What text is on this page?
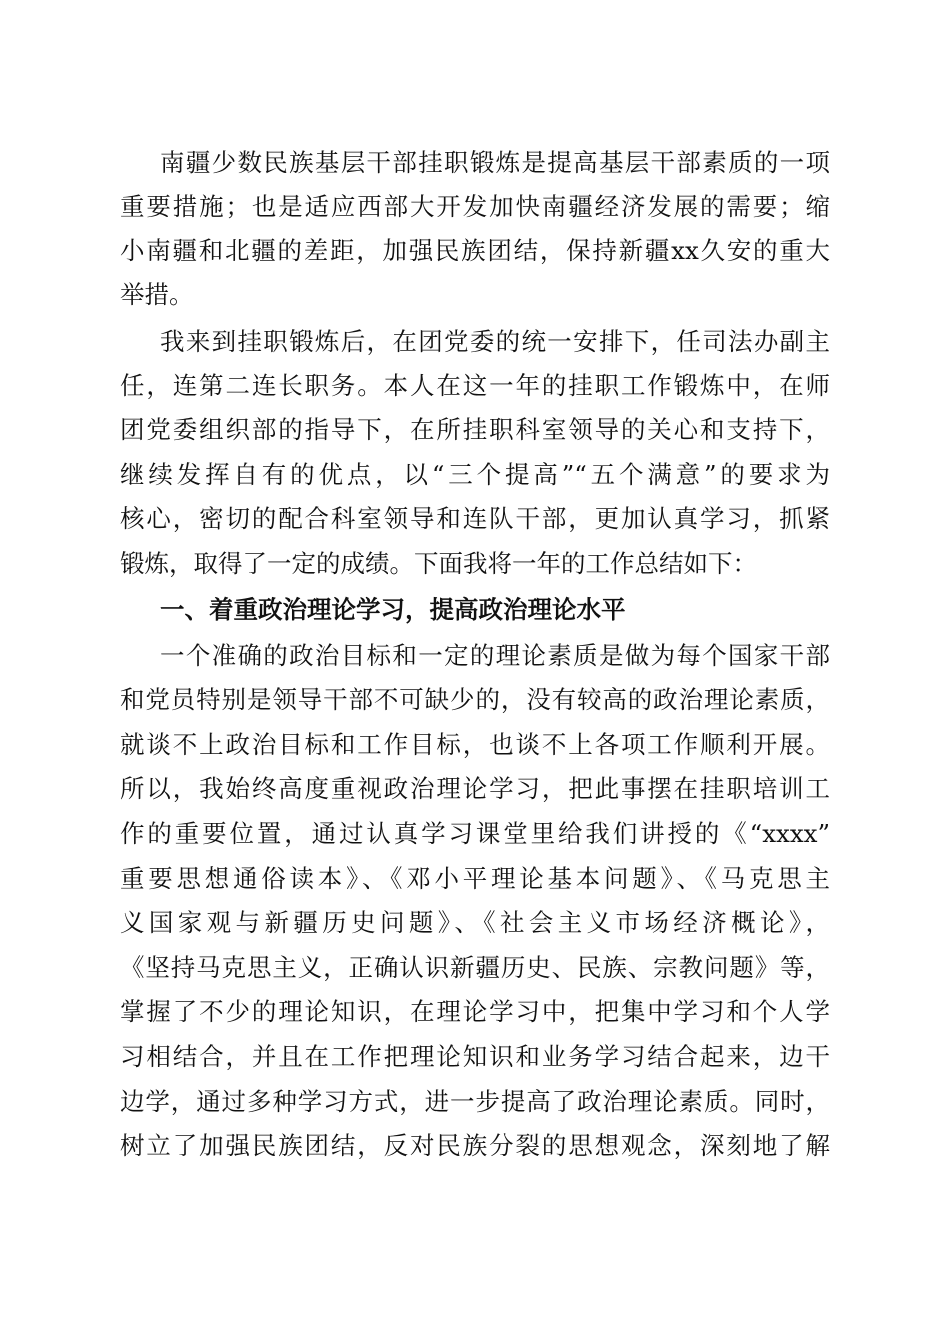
南疆少数民族基层干部挂职锻炼是提高基层干部素质的一项
重要措施；也是适应西部大开发加快南疆经济发展的需要；缩
小南疆和北疆的差距，加强民族团结，保持新疆xx久安的重大
举措。
我来到挂职锻炼后，在团党委的统一安排下，任司法办副主
任，连第二连长职务。本人在这一年的挂职工作锻炼中，在师
团党委组织部的指导下，在所挂职科室领导的关心和支持下，
继续发挥自有的优点，以“三个提高”“五个满意”的要求为
核心，密切的配合科室领导和连队干部，更加认真学习，抓紧
锻炼，取得了一定的成绩。下面我将一年的工作总结如下：
一、着重政治理论学习，提高政治理论水平
一个准确的政治目标和一定的理论素质是做为每个国家干部
和党员特别是领导干部不可缺少的，没有较高的政治理论素质，
就谈不上政治目标和工作目标，也谈不上各项工作顺利开展。
所以，我始终高度重视政治理论学习，把此事摆在挂职培训工
作的重要位置，通过认真学习课堂里给我们讲授的《“xxxx”
重要思想通俗读本》、《邓小平理论基本问题》、《马克思主
义国家观与新疆历史问题》、《社会主义市场经济概论》，
《坚持马克思主义，正确认识新疆历史、民族、宗教问题》等，
掌握了不少的理论知识，在理论学习中，把集中学习和个人学
习相结合，并且在工作把理论知识和业务学习结合起来，边干
边学，通过多种学习方式，进一步提高了政治理论素质。同时，
树立了加强民族团结，反对民族分裂的思想观念，深刻地了解
